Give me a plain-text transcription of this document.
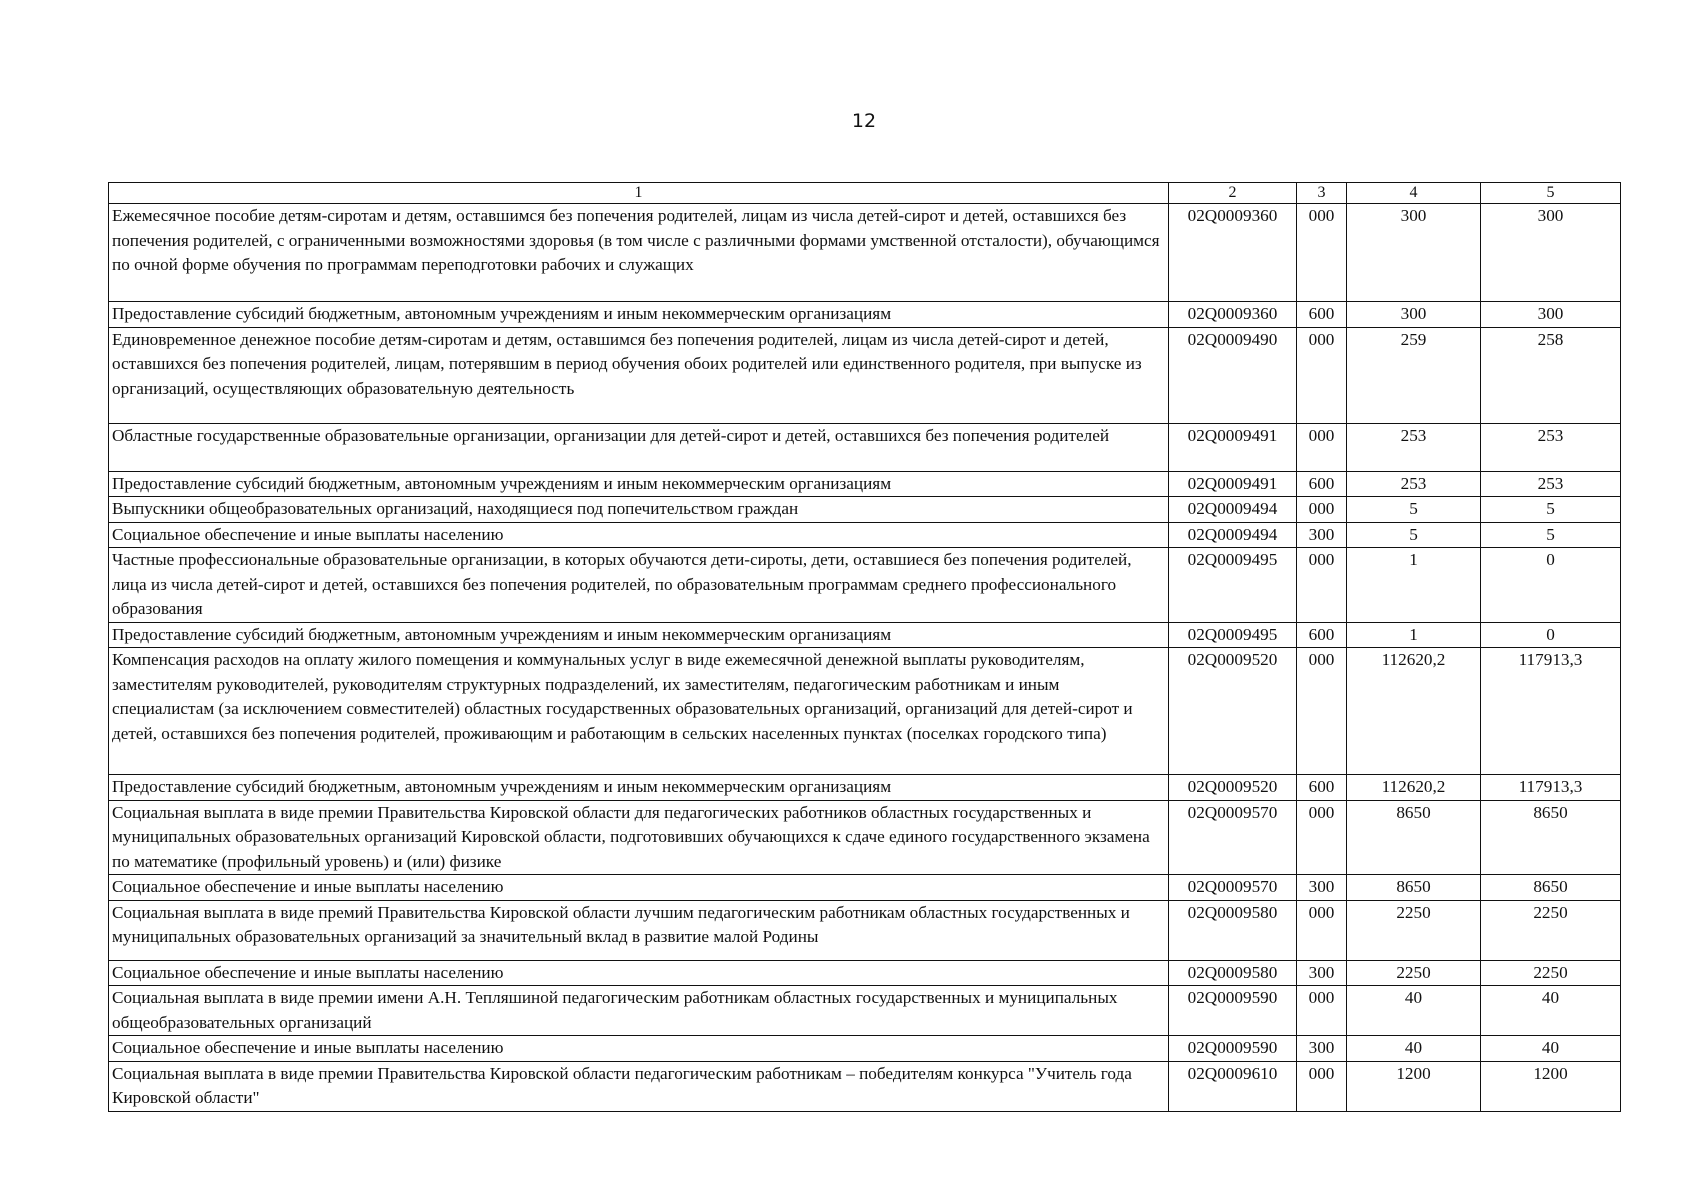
12
1	2	3	4	5
Ежемесячное пособие детям-сиротам и детям, оставшимся без попечения родителей, лицам из числа детей-сирот и детей, оставшихся без попечения родителей, с ограниченными возможностями здоровья (в том числе с различными формами умственной отсталости), обучающимся по очной форме обучения по программам переподготовки рабочих и служащих	02Q0009360	000	300	300
Предоставление субсидий бюджетным, автономным учреждениям и иным некоммерческим организациям	02Q0009360	600	300	300
Единовременное денежное пособие детям-сиротам и детям, оставшимся без попечения родителей, лицам из числа детей-сирот и детей, оставшихся без попечения родителей, лицам, потерявшим в период обучения обоих родителей или единственного родителя, при выпуске из организаций, осуществляющих образовательную деятельность	02Q0009490	000	259	258
Областные государственные образовательные организации, организации для детей-сирот и детей, оставшихся без попечения родителей	02Q0009491	000	253	253
Предоставление субсидий бюджетным, автономным учреждениям и иным некоммерческим организациям	02Q0009491	600	253	253
Выпускники общеобразовательных организаций, находящиеся под попечительством граждан	02Q0009494	000	5	5
Социальное обеспечение и иные выплаты населению	02Q0009494	300	5	5
Частные профессиональные образовательные организации, в которых обучаются дети-сироты, дети, оставшиеся без попечения родителей, лица из числа детей-сирот и детей, оставшихся без попечения родителей, по образовательным программам среднего профессионального образования	02Q0009495	000	1	0
Предоставление субсидий бюджетным, автономным учреждениям и иным некоммерческим организациям	02Q0009495	600	1	0
Компенсация расходов на оплату жилого помещения и коммунальных услуг в виде ежемесячной денежной выплаты руководителям, заместителям руководителей, руководителям структурных подразделений, их заместителям, педагогическим работникам и иным специалистам (за исключением совместителей) областных государственных образовательных организаций, организаций для детей-сирот и детей, оставшихся без попечения родителей, проживающим и работающим в сельских населенных пунктах (поселках городского типа)	02Q0009520	000	112620,2	117913,3
Предоставление субсидий бюджетным, автономным учреждениям и иным некоммерческим организациям	02Q0009520	600	112620,2	117913,3
Социальная выплата в виде премии Правительства Кировской области для педагогических работников областных государственных и муниципальных образовательных организаций Кировской области, подготовивших обучающихся к сдаче единого государственного экзамена по математике (профильный уровень) и (или) физике	02Q0009570	000	8650	8650
Социальное обеспечение и иные выплаты населению	02Q0009570	300	8650	8650
Социальная выплата в виде премий Правительства Кировской области лучшим педагогическим работникам областных государственных и муниципальных образовательных организаций за значительный вклад в развитие малой Родины	02Q0009580	000	2250	2250
Социальное обеспечение и иные выплаты населению	02Q0009580	300	2250	2250
Социальная выплата в виде премии имени А.Н. Тепляшиной педагогическим работникам областных государственных и муниципальных общеобразовательных организаций	02Q0009590	000	40	40
Социальное обеспечение и иные выплаты населению	02Q0009590	300	40	40
Социальная выплата в виде премии Правительства Кировской области педагогическим работникам – победителям конкурса "Учитель года Кировской области"	02Q0009610	000	1200	1200
